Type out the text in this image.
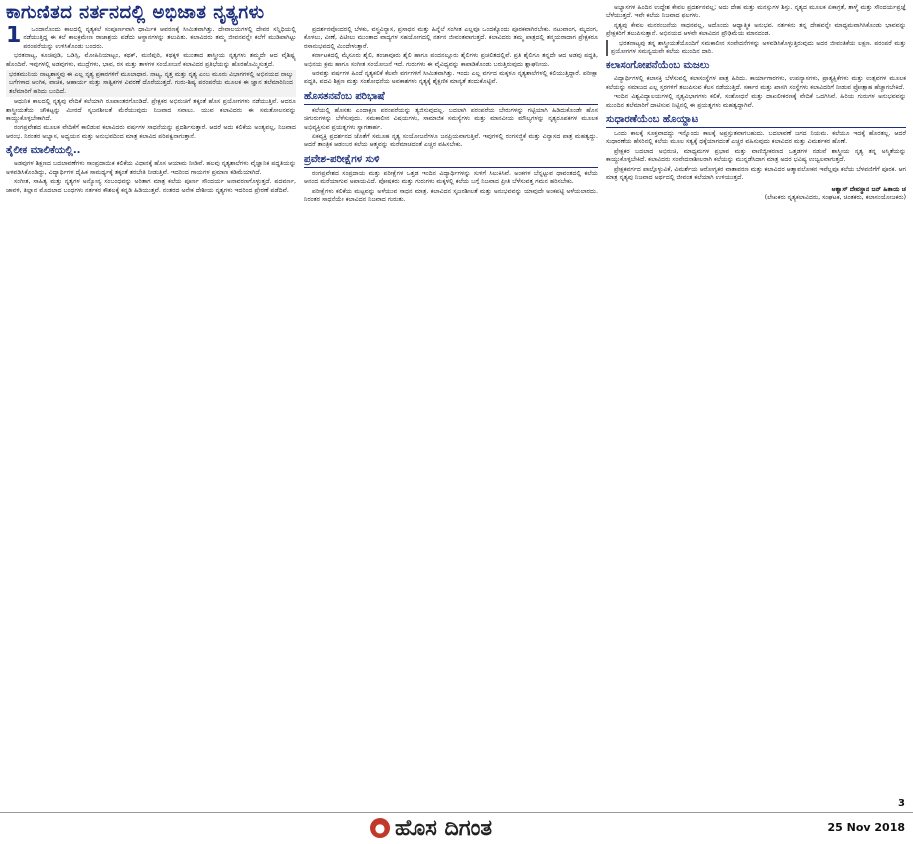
ಕಾಗುಣಿತದ ನರ್ತನದಲ್ಲಿ ಅಭಿಜಾತ ನೃತ್ಯಗಳು
1	ಒಂದಾನೊಂದು ಕಾಲದಲ್ಲಿ ನೃತ್ಯಕಲೆ ಸಂಪೂರ್ಣವಾಗಿ ಧಾರ್ಮಿಕ ಆವರಣಕ್ಕೆ ಸೀಮಿತವಾಗಿತ್ತು. ದೇವಾಲಯಗಳಲ್ಲಿ ದೇವರ ಸನ್ನಿಧಿಯಲ್ಲಿ ನಡೆಯುತ್ತಿದ್ದ ಈ ಕಲೆ ಕಾಲಕ್ರಮೇಣ ರಾಜಾಶ್ರಯ ಪಡೆದು ಆಸ್ಥಾನಗಳನ್ನು ತಲುಪಿತು. ಕಲಾವಿದರು ತಮ್ಮ ಜೀವನವನ್ನೇ ಕಲೆಗೆ ಮುಡಿಪಾಗಿಟ್ಟು ಪರಂಪರೆಯನ್ನು ಉಳಿಸಿಕೊಂಡು ಬಂದರು.

ಭರತನಾಟ್ಯ, ಕೂಚಿಪುಡಿ, ಒಡಿಸ್ಸಿ, ಮೋಹಿನಿಯಾಟ್ಟಂ, ಕಥಕ್, ಮಣಿಪುರಿ, ಕಥಕ್ಕಳಿ ಮುಂತಾದ ಶಾಸ್ತ್ರೀಯ ನೃತ್ಯಗಳು ತಮ್ಮದೇ ಆದ ವೈಶಿಷ್ಟ್ಯ ಹೊಂದಿವೆ. ಇವುಗಳಲ್ಲಿ ಅಡವುಗಳು, ಮುದ್ರೆಗಳು, ಭಾವ, ರಸ ಮತ್ತು ತಾಳಗಳ ಸಂಯೋಜನೆ ಕಲಾವಿದರ ಪ್ರತಿಭೆಯನ್ನು ಹೊರಹೊಮ್ಮಿಸುತ್ತದೆ.

ಭರತಮುನಿಯ ನಾಟ್ಯಶಾಸ್ತ್ರವು ಈ ಎಲ್ಲ ನೃತ್ಯ ಪ್ರಕಾರಗಳಿಗೆ ಮೂಲಾಧಾರ. ನಾಟ್ಯ, ನೃತ್ತ ಮತ್ತು ನೃತ್ಯ ಎಂಬ ಮೂರು ವಿಭಾಗಗಳಲ್ಲಿ ಅಭಿನಯದ ನಾಲ್ಕು ಬಗೆಗಳಾದ ಆಂಗಿಕ, ವಾಚಿಕ, ಆಹಾರ್ಯ ಮತ್ತು ಸಾತ್ವಿಕಗಳ ವಿವರಣೆ ದೊರೆಯುತ್ತದೆ. ಗುರು-ಶಿಷ್ಯ ಪರಂಪರೆಯ ಮೂಲಕ ಈ ಜ್ಞಾನ ತಲೆಮಾರಿನಿಂದ ತಲೆಮಾರಿಗೆ ಹರಿದು ಬಂದಿದೆ.

ಆಧುನಿಕ ಕಾಲದಲ್ಲಿ ನೃತ್ಯವು ವೇದಿಕೆ ಕಲೆಯಾಗಿ ರೂಪಾಂತರಗೊಂಡಿದೆ. ಪ್ರೇಕ್ಷಕರ ಅಭಿರುಚಿಗೆ ತಕ್ಕಂತೆ ಹೊಸ ಪ್ರಯೋಗಗಳು ನಡೆಯುತ್ತಿವೆ. ಆದರೂ ಶಾಸ್ತ್ರೀಯತೆಯ ಚೌಕಟ್ಟನ್ನು ಮೀರದೆ ಸೃಜನಶೀಲತೆ ಮೆರೆಯುವುದು ನಿಜವಾದ ಸವಾಲು. ಯುವ ಕಲಾವಿದರು ಈ ಸಮತೋಲನವನ್ನು ಕಾಯ್ದುಕೊಳ್ಳಬೇಕಾಗಿದೆ.

ರಂಗಪ್ರವೇಶದ ಮೂಲಕ ವೇದಿಕೆಗೆ ಕಾಲಿಡುವ ಕಲಾವಿದರು ವರ್ಷಗಳ ಸಾಧನೆಯನ್ನು ಪ್ರದರ್ಶಿಸುತ್ತಾರೆ. ಆದರೆ ಅದು ಕಲಿಕೆಯ ಅಂತ್ಯವಲ್ಲ, ನಿಜವಾದ ಆರಂಭ. ನಿರಂತರ ಅಭ್ಯಾಸ, ಅಧ್ಯಯನ ಮತ್ತು ಅನುಭವದಿಂದ ಮಾತ್ರ ಕಲಾವಿದ ಪರಿಪಕ್ವನಾಗುತ್ತಾನೆ.

ತೈಲೀಕ ಮಾಲಿಕೆಯಲ್ಲಿ..

ಅಡವುಗಳ ಶಿಕ್ಷಣದ ಬದಲಾವಣೆಗಳು ಸಾಂಪ್ರದಾಯಿಕ ಕಲಿಕೆಯ ವಿಧಾನಕ್ಕೆ ಹೊಸ ಆಯಾಮ ನೀಡಿವೆ. ಹಲವು ನೃತ್ಯಶಾಲೆಗಳು ವೈಜ್ಞಾನಿಕ ಪದ್ಧತಿಯನ್ನು ಅಳವಡಿಸಿಕೊಂಡಿದ್ದು, ವಿದ್ಯಾರ್ಥಿಗಳ ದೈಹಿಕ ಸಾಮರ್ಥ್ಯಕ್ಕೆ ತಕ್ಕಂತೆ ತರಬೇತಿ ನೀಡುತ್ತಿವೆ. ಇದರಿಂದ ಗಾಯಗಳ ಪ್ರಮಾಣ ಕಡಿಮೆಯಾಗಿದೆ.

ಸಂಗೀತ, ಸಾಹಿತ್ಯ ಮತ್ತು ನೃತ್ಯಗಳ ಅನ್ಯೋನ್ಯ ಸಂಬಂಧವನ್ನು ಅರಿತಾಗ ಮಾತ್ರ ಕಲೆಯ ಪೂರ್ಣ ಸೌಂದರ್ಯ ಅನಾವರಣಗೊಳ್ಳುತ್ತದೆ. ಪದವರ್ಣ, ಜಾವಳಿ, ತಿಲ್ಲಾನ ಮೊದಲಾದ ಬಂಧಗಳು ನರ್ತಕರ ಕೌಶಲಕ್ಕೆ ಕನ್ನಡಿ ಹಿಡಿಯುತ್ತವೆ. ನಂತರದ ಅನೇಕ ದೇಶೀಯ ನೃತ್ಯಗಳು ಇದರಿಂದ ಪ್ರೇರಣೆ ಪಡೆದಿವೆ.

ಪ್ರದರ್ಶನವೊಂದರಲ್ಲಿ ಬೆಳಕು, ವಸ್ತ್ರವಿನ್ಯಾಸ, ಪ್ರಸಾಧನ ಮತ್ತು ಹಿನ್ನೆಲೆ ಸಂಗೀತ ಎಲ್ಲವೂ ಒಂದಕ್ಕೊಂದು ಪೂರಕವಾಗಿರಬೇಕು. ನಟುವಾಂಗ, ಮೃದಂಗ, ಕೊಳಲು, ವೀಣೆ, ಪಿಟೀಲು ಮುಂತಾದ ವಾದ್ಯಗಳ ಸಹಯೋಗದಲ್ಲಿ ನರ್ತನ ಜೀವಂತವಾಗುತ್ತದೆ. ಕಲಾವಿದರು ತಮ್ಮ ಪಾತ್ರದಲ್ಲಿ ತನ್ಮಯರಾದಾಗ ಪ್ರೇಕ್ಷಕರೂ ರಸಾನುಭವದಲ್ಲಿ ಮಿಂದೇಳುತ್ತಾರೆ.

ಕರ್ನಾಟಕದಲ್ಲಿ ಮೈಸೂರು ಶೈಲಿ, ತಂಜಾವೂರು ಶೈಲಿ ಹಾಗೂ ಪಂದನಲ್ಲೂರು ಶೈಲಿಗಳು ಪ್ರಚಲಿತದಲ್ಲಿವೆ. ಪ್ರತಿ ಶೈಲಿಗೂ ತನ್ನದೇ ಆದ ಅಡವು ಪದ್ಧತಿ, ಅಭಿನಯ ಕ್ರಮ ಹಾಗೂ ಸಂಗೀತ ಸಂಯೋಜನೆ ಇದೆ. ಗುರುಗಳು ಈ ವೈವಿಧ್ಯವನ್ನು ಕಾಪಾಡಿಕೊಂಡು ಬರುತ್ತಿರುವುದು ಶ್ಲಾಘನೀಯ.

ಅರವತ್ತು ವರ್ಷಗಳ ಹಿಂದೆ ನೃತ್ಯಕಲಿಕೆ ಕೆಲವೇ ವರ್ಗಗಳಿಗೆ ಸೀಮಿತವಾಗಿತ್ತು. ಇಂದು ಎಲ್ಲ ವರ್ಗದ ಮಕ್ಕಳೂ ನೃತ್ಯಶಾಲೆಗಳಲ್ಲಿ ಕಲಿಯುತ್ತಿದ್ದಾರೆ. ಪರೀಕ್ಷಾ ಪದ್ಧತಿ, ಪದವಿ ಶಿಕ್ಷಣ ಮತ್ತು ಸಂಶೋಧನೆಯ ಅವಕಾಶಗಳು ನೃತ್ಯಕ್ಕೆ ಶೈಕ್ಷಣಿಕ ಮಾನ್ಯತೆ ತಂದುಕೊಟ್ಟಿವೆ.

ಹೊಸತನವೆಂಬ ಪರಿಭಾಷೆ

ಕಲೆಯಲ್ಲಿ ಹೊಸತು ಎಂದಾಕ್ಷಣ ಪರಂಪರೆಯನ್ನು ತ್ಯಜಿಸುವುದಲ್ಲ. ಬದಲಾಗಿ ಪರಂಪರೆಯ ಬೇರುಗಳನ್ನು ಗಟ್ಟಿಯಾಗಿ ಹಿಡಿದುಕೊಂಡೇ ಹೊಸ ಚಿಗುರುಗಳನ್ನು ಬೆಳೆಸುವುದು. ಸಮಕಾಲೀನ ವಿಷಯಗಳು, ಸಾಮಾಜಿಕ ಸಮಸ್ಯೆಗಳು ಮತ್ತು ಮಾನವೀಯ ಮೌಲ್ಯಗಳನ್ನು ನೃತ್ಯರೂಪಕಗಳ ಮೂಲಕ ಅಭಿವ್ಯಕ್ತಿಸುವ ಪ್ರಯತ್ನಗಳು ಸ್ವಾಗತಾರ್ಹ.

ಏಕವ್ಯಕ್ತಿ ಪ್ರದರ್ಶನದ ಜೊತೆಗೆ ಸಮೂಹ ನೃತ್ಯ ಸಂಯೋಜನೆಗಳೂ ಜನಪ್ರಿಯವಾಗುತ್ತಿವೆ. ಇವುಗಳಲ್ಲಿ ರಂಗಸಜ್ಜಿಕೆ ಮತ್ತು ವಿನ್ಯಾಸದ ಪಾತ್ರ ಮಹತ್ವದ್ದು. ಆದರೆ ತಾಂತ್ರಿಕ ಆಡಂಬರ ಕಲೆಯ ಆತ್ಮವನ್ನು ಮರೆಮಾಚದಂತೆ ಎಚ್ಚರ ವಹಿಸಬೇಕು.

ಪ್ರವೇಶ-ಪರೀಕ್ಷೆಗಳ ಸುಳಿ

ರಂಗಪ್ರವೇಶದ ಸಂಪ್ರದಾಯ ಮತ್ತು ಪರೀಕ್ಷೆಗಳ ಒತ್ತಡ ಇಂದಿನ ವಿದ್ಯಾರ್ಥಿಗಳನ್ನು ಸುಳಿಗೆ ಸಿಲುಕಿಸಿವೆ. ಅಂಕಗಳ ಬೆನ್ನಟ್ಟುವ ಧಾವಂತದಲ್ಲಿ ಕಲೆಯ ಆನಂದ ಮರೆಯಾಗುವ ಅಪಾಯವಿದೆ. ಪೋಷಕರು ಮತ್ತು ಗುರುಗಳು ಮಕ್ಕಳಲ್ಲಿ ಕಲೆಯ ಬಗ್ಗೆ ನಿಜವಾದ ಪ್ರೀತಿ ಬೆಳೆಸುವತ್ತ ಗಮನ ಹರಿಸಬೇಕು.

ಪರೀಕ್ಷೆಗಳು ಕಲಿಕೆಯ ಮಟ್ಟವನ್ನು ಅಳೆಯುವ ಸಾಧನ ಮಾತ್ರ. ಕಲಾವಿದನ ಸೃಜನಶೀಲತೆ ಮತ್ತು ಅನುಭವವನ್ನು ಯಾವುದೇ ಅಂಕಪಟ್ಟಿ ಅಳೆಯಲಾರದು. ನಿರಂತರ ಸಾಧನೆಯೇ ಕಲಾವಿದನ ನಿಜವಾದ ಗುರುತು.

ಅಭ್ಯಾಸಗಳ ಹಿಂದಿನ ಉದ್ದೇಶ ಕೇವಲ ಪ್ರದರ್ಶನವಲ್ಲ; ಅದು ದೇಹ ಮತ್ತು ಮನಸ್ಸುಗಳ ಶಿಸ್ತು. ನೃತ್ಯದ ಮೂಲಕ ಏಕಾಗ್ರತೆ, ತಾಳ್ಮೆ ಮತ್ತು ಸೌಂದರ್ಯಪ್ರಜ್ಞೆ ಬೆಳೆಯುತ್ತದೆ. ಇವೇ ಕಲೆಯ ನಿಜವಾದ ಫಲಗಳು.

ನೃತ್ಯವು ಕೇವಲ ಮನರಂಜನೆಯ ಸಾಧನವಲ್ಲ, ಅದೊಂದು ಆಧ್ಯಾತ್ಮಿಕ ಅನುಭವ. ನರ್ತಕನು ತನ್ನ ದೇಹವನ್ನೇ ಮಾಧ್ಯಮವಾಗಿಸಿಕೊಂಡು ಭಾವವನ್ನು ಪ್ರೇಕ್ಷಕರಿಗೆ ತಲುಪಿಸುತ್ತಾನೆ. ಅಭಿನಯದ ಆಳವೇ ಕಲಾವಿದನ ಪ್ರೌಢಿಮೆಯ ಮಾನದಂಡ.

ಭರತನಾಟ್ಯವು ತನ್ನ ಶಾಸ್ತ್ರೀಯತೆಯೊಂದಿಗೆ ಸಮಕಾಲೀನ ಸಂವೇದನೆಗಳನ್ನು ಅಳವಡಿಸಿಕೊಳ್ಳುತ್ತಿರುವುದು ಅದರ ಜೀವಂತಿಕೆಯ ಲಕ್ಷಣ. ಪರಂಪರೆ ಮತ್ತು ಪ್ರಯೋಗಗಳ ಸಮನ್ವಯವೇ ಕಲೆಯ ಮುಂದಿನ ದಾರಿ.

ಕಲಾಸಂಗೋಪನೆಯೆಂಬ ಮಜಲು

ವಿದ್ಯಾರ್ಥಿಗಳಲ್ಲಿ ಕಲಾಸಕ್ತಿ ಬೆಳೆಸುವಲ್ಲಿ ಕಲಾಸಂಸ್ಥೆಗಳ ಪಾತ್ರ ಹಿರಿದು. ಕಾರ್ಯಾಗಾರಗಳು, ಉಪನ್ಯಾಸಗಳು, ಪ್ರಾತ್ಯಕ್ಷಿಕೆಗಳು ಮತ್ತು ಉತ್ಸವಗಳ ಮೂಲಕ ಕಲೆಯನ್ನು ಸಮಾಜದ ಎಲ್ಲ ಸ್ತರಗಳಿಗೆ ತಲುಪಿಸುವ ಕೆಲಸ ನಡೆಯುತ್ತಿದೆ. ಸರ್ಕಾರ ಮತ್ತು ಖಾಸಗಿ ಸಂಸ್ಥೆಗಳು ಕಲಾವಿದರಿಗೆ ನೀಡುವ ಪ್ರೋತ್ಸಾಹ ಹೆಚ್ಚಾಗಬೇಕಿದೆ.

ಇಂದಿನ ವಿಶ್ವವಿದ್ಯಾಲಯಗಳಲ್ಲಿ ನೃತ್ಯವಿಭಾಗಗಳು ಕಲಿಕೆ, ಸಂಶೋಧನೆ ಮತ್ತು ದಾಖಲೀಕರಣಕ್ಕೆ ವೇದಿಕೆ ಒದಗಿಸಿವೆ. ಹಿರಿಯ ಗುರುಗಳ ಅನುಭವವನ್ನು ಮುಂದಿನ ತಲೆಮಾರಿಗೆ ದಾಟಿಸುವ ನಿಟ್ಟಿನಲ್ಲಿ ಈ ಪ್ರಯತ್ನಗಳು ಮಹತ್ವದ್ದಾಗಿವೆ.

ಸುಧಾರಣೆಯೆಂಬ ಹೊಯ್ದಾಟ

ಒಂದು ಕಾಲಕ್ಕೆ ಸೂಕ್ತವಾದದ್ದು ಇನ್ನೊಂದು ಕಾಲಕ್ಕೆ ಅಪ್ರಸ್ತುತವಾಗಬಹುದು. ಬದಲಾವಣೆ ಜಗದ ನಿಯಮ. ಕಲೆಯೂ ಇದಕ್ಕೆ ಹೊರತಲ್ಲ. ಆದರೆ ಸುಧಾರಣೆಯ ಹೆಸರಿನಲ್ಲಿ ಕಲೆಯ ಮೂಲ ಸತ್ವಕ್ಕೆ ಧಕ್ಕೆಯಾಗದಂತೆ ಎಚ್ಚರ ವಹಿಸುವುದು ಕಲಾವಿದರ ಮತ್ತು ವಿಮರ್ಶಕರ ಹೊಣೆ.

ಪ್ರೇಕ್ಷಕರ ಬದಲಾದ ಅಭಿರುಚಿ, ಮಾಧ್ಯಮಗಳ ಪ್ರಭಾವ ಮತ್ತು ವಾಣಿಜ್ಯೀಕರಣದ ಒತ್ತಡಗಳ ನಡುವೆ ಶಾಸ್ತ್ರೀಯ ನೃತ್ಯ ತನ್ನ ಅಸ್ಮಿತೆಯನ್ನು ಕಾಯ್ದುಕೊಳ್ಳಬೇಕಿದೆ. ಕಲಾವಿದರು ಸಂವೇದನಾಶೀಲರಾಗಿ ಕಲೆಯನ್ನು ಮುನ್ನಡೆಸಿದಾಗ ಮಾತ್ರ ಅದರ ಭವಿಷ್ಯ ಉಜ್ವಲವಾಗುತ್ತದೆ.

ಪ್ರೇಕ್ಷಕವರ್ಗದ ಪಾಲ್ಗೊಳ್ಳುವಿಕೆ, ವಿಮರ್ಶೆಯ ಆರೋಗ್ಯಕರ ವಾತಾವರಣ ಮತ್ತು ಕಲಾವಿದರ ಆತ್ಮಾವಲೋಕನ ಇವೆಲ್ಲವೂ ಕಲೆಯ ಬೆಳವಣಿಗೆಗೆ ಪೂರಕ. ಆಗ ಮಾತ್ರ ನೃತ್ಯವು ನಿಜವಾದ ಅರ್ಥದಲ್ಲಿ ಜೀವಂತ ಕಲೆಯಾಗಿ ಉಳಿಯುತ್ತದೆ.

ಆಶ್ವಾಸ್ ದೇವಸ್ಥಾನ ಜನ್ ಹಿತಾಯ ಚ
(ಲೇಖಕರು ನೃತ್ಯಕಲಾವಿದರು, ಸಂಘಟಕ, ಚಿಂತಕರು, ಕಲಾಸಂಯೋಜಕರು)
3
● ಹೊಸ ದಿಗಂತ	25 Nov 2018
